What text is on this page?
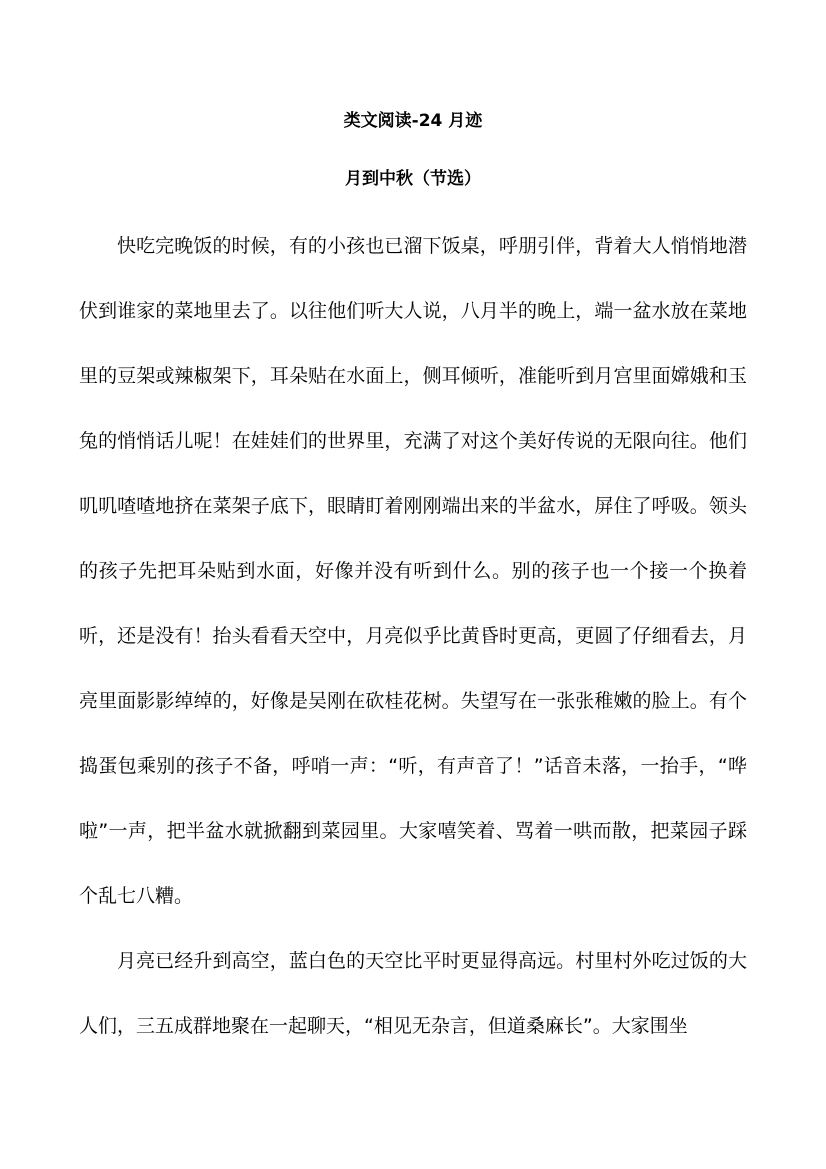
类文阅读-24 月迹
月到中秋（节选）

快吃完晚饭的时候，有的小孩也已溜下饭桌，呼朋引伴，背着大人悄悄地潜伏到谁家的菜地里去了。以往他们听大人说，八月半的晚上，端一盆水放在菜地里的豆架或辣椒架下，耳朵贴在水面上，侧耳倾听，准能听到月宫里面嫦娥和玉兔的悄悄话儿呢！在娃娃们的世界里，充满了对这个美好传说的无限向往。他们叽叽喳喳地挤在菜架子底下，眼睛盯着刚刚端出来的半盆水，屏住了呼吸。领头的孩子先把耳朵贴到水面，好像并没有听到什么。别的孩子也一个接一个换着听，还是没有！抬头看看天空中，月亮似乎比黄昏时更高，更圆了仔细看去，月亮里面影影绰绰的，好像是吴刚在砍桂花树。失望写在一张张稚嫩的脸上。有个捣蛋包乘别的孩子不备，呼哨一声：“听，有声音了！”话音未落，一抬手，“哗啦”一声，把半盆水就掀翻到菜园里。大家嘻笑着、骂着一哄而散，把菜园子踩个乱七八糟。

月亮已经升到高空，蓝白色的天空比平时更显得高远。村里村外吃过饭的大人们，三五成群地聚在一起聊天，“相见无杂言，但道桑麻长”。大家围坐
